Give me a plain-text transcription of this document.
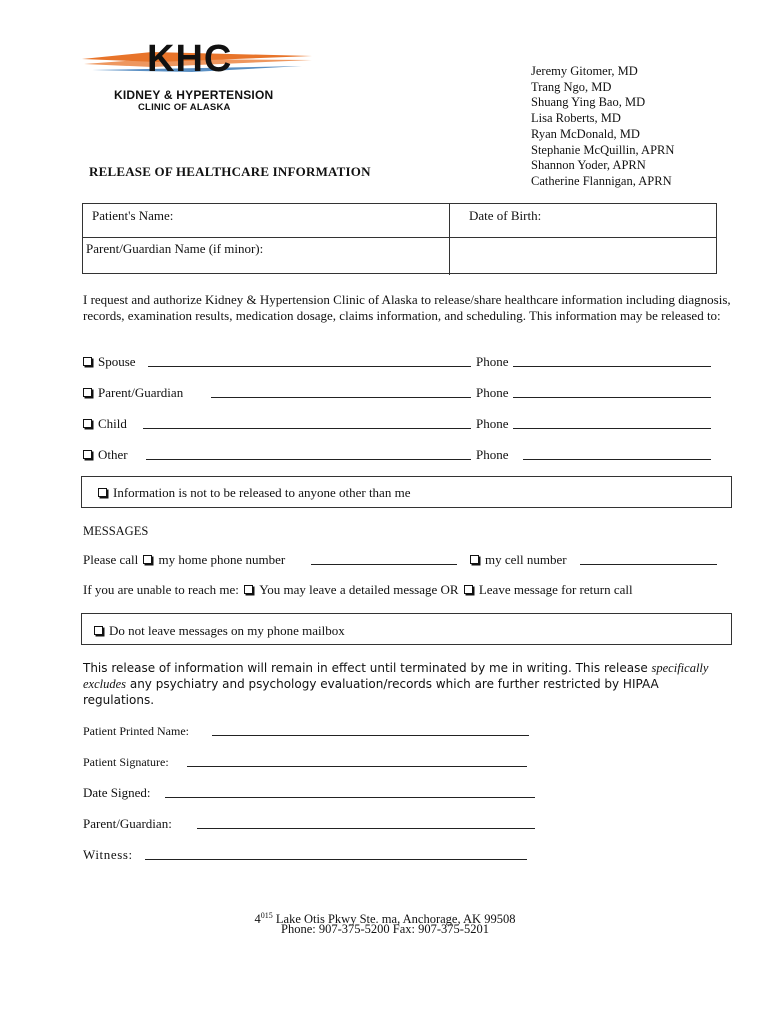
KHC
KIDNEY & HYPERTENSION
CLINIC OF ALASKA
Jeremy Gitomer, MD
Trang Ngo, MD
Shuang Ying Bao, MD
Lisa Roberts, MD
Ryan McDonald, MD
Stephanie McQuillin, APRN
Shannon Yoder, APRN
Catherine Flannigan, APRN
RELEASE OF HEALTHCARE INFORMATION
Patient's Name:	Date of Birth:
Parent/Guardian Name (if minor):
I request and authorize Kidney & Hypertension Clinic of Alaska to release/share healthcare information including diagnosis, records, examination results, medication dosage, claims information, and scheduling. This information may be released to:
Spouse	Phone
Parent/Guardian	Phone
Child	Phone
Other	Phone
Information is not to be released to anyone other than me
MESSAGES
Please call my home phone number	my cell number
If you are unable to reach me: You may leave a detailed message OR Leave message for return call
Do not leave messages on my phone mailbox
This release of information will remain in effect until terminated by me in writing. This release specifically excludes any psychiatry and psychology evaluation/records which are further restricted by HIPAA regulations.
Patient Printed Name:
Patient Signature:
Date Signed:
Parent/Guardian:
Witness:
$4^{015}$ Lake Otis Pkwy Ste. ma, Anchorage, AK 99508
Phone: 907-375-5200 Fax: 907-375-5201
